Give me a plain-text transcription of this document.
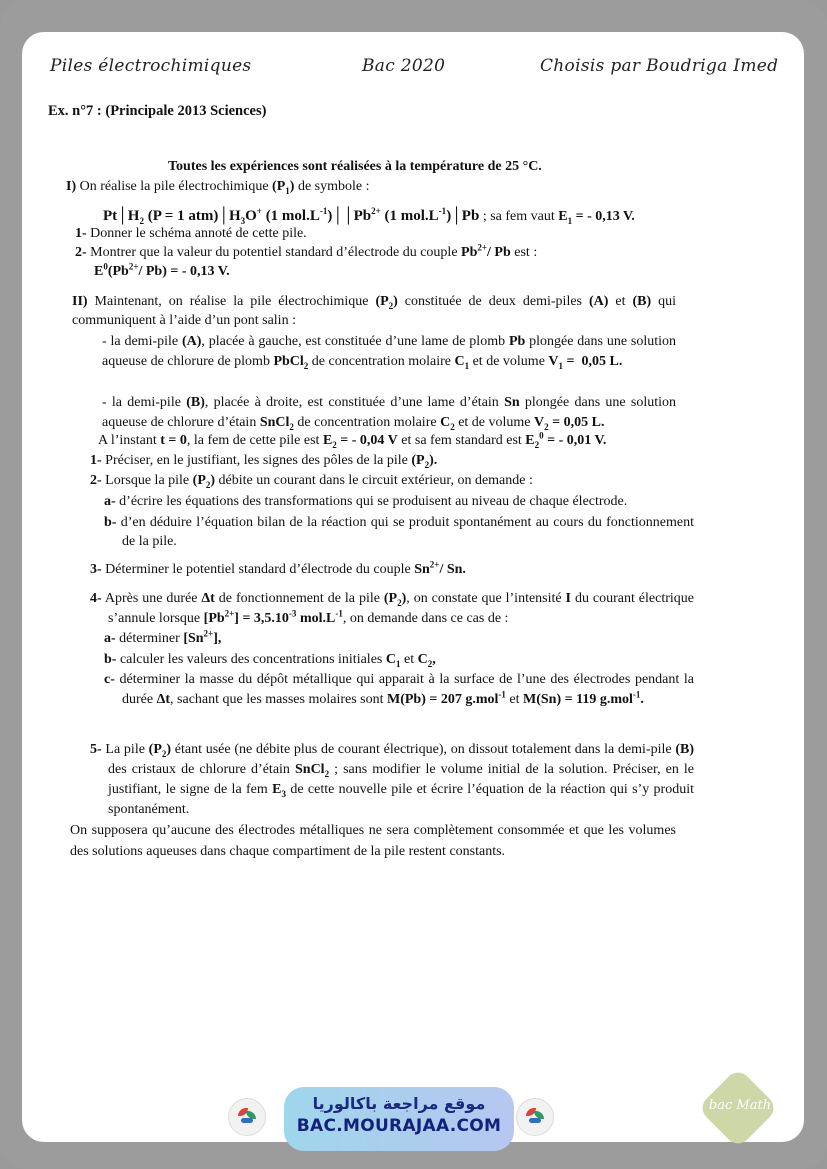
Piles électrochimiques	Bac 2020	Choisis par Boudriga Imed
Ex. n°7 : (Principale 2013 Sciences)
Toutes les expériences sont réalisées à la température de 25 °C.
I) On réalise la pile électrochimique $(P_1)$ de symbole :
$Pt│H_2$ (P = 1 $atm)│H_3O^+$ (1 $mol.L^{-1})││Pb^{2+}$ (1 $mol.L^{-1})│Pb$ ; sa fem vaut $E_1$ = - 0,13 V.
1- Donner le schéma annoté de cette pile.
2- Montrer que la valeur du potentiel standard d’électrode du couple $Pb^{2+}/$ Pb est :
$E^0(Pb^{2+}/$ Pb) = - 0,13 V.
II) Maintenant, on réalise la pile électrochimique $(P_2)$ constituée de deux demi-piles (A) et (B) qui communiquent à l’aide d’un pont salin :
- la demi-pile (A), placée à gauche, est constituée d’une lame de plomb Pb plongée dans une solution aqueuse de chlorure de plomb PbCl$_2$ de concentration molaire $C_1$ et de volume $V_1 = 0,05$ L.
- la demi-pile (B), placée à droite, est constituée d’une lame d’étain Sn plongée dans une solution aqueuse de chlorure d’étain SnCl$_2$ de concentration molaire $C_2$ et de volume $V_2 = 0,05$ L.
A l’instant t = 0, la fem de cette pile est $E_2$ = - 0,04 V et sa fem standard est $E_2^0$ = - 0,01 V.
1- Préciser, en le justifiant, les signes des pôles de la pile $(P_2)$.
2- Lorsque la pile $(P_2)$ débite un courant dans le circuit extérieur, on demande :
a- d’écrire les équations des transformations qui se produisent au niveau de chaque électrode.
b- d’en déduire l’équation bilan de la réaction qui se produit spontanément au cours du fonctionnement de la pile.
3- Déterminer le potentiel standard d’électrode du couple $Sn^{2+}/$ Sn.
4- Après une durée Δt de fonctionnement de la pile $(P_2)$, on constate que l’intensité I du courant électrique s’annule lorsque $[Pb^{2+}] = 3,5.10^{-3}$ $mol.L^{-1}$, on demande dans ce cas de :
a- déterminer $[Sn^{2+}]$,
b- calculer les valeurs des concentrations initiales $C_1$ et $C_2$,
c- déterminer la masse du dépôt métallique qui apparait à la surface de l’une des électrodes pendant la durée Δt, sachant que les masses molaires sont M(Pb) = 207 g.mol$^{-1}$ et M(Sn) = 119 g.mol$^{-1}$.
5- La pile $(P_2)$ étant usée (ne débite plus de courant électrique), on dissout totalement dans la demi-pile (B) des cristaux de chlorure d’étain SnCl$_2$ ; sans modifier le volume initial de la solution. Préciser, en le justifiant, le signe de la fem $E_3$ de cette nouvelle pile et écrire l’équation de la réaction qui s’y produit spontanément.
On supposera qu’aucune des électrodes métalliques ne sera complètement consommée et que les volumes des solutions aqueuses dans chaque compartiment de la pile restent constants.
موقع مراجعة باكالوريا
BAC.MOURAJAA.COM
bac Math
